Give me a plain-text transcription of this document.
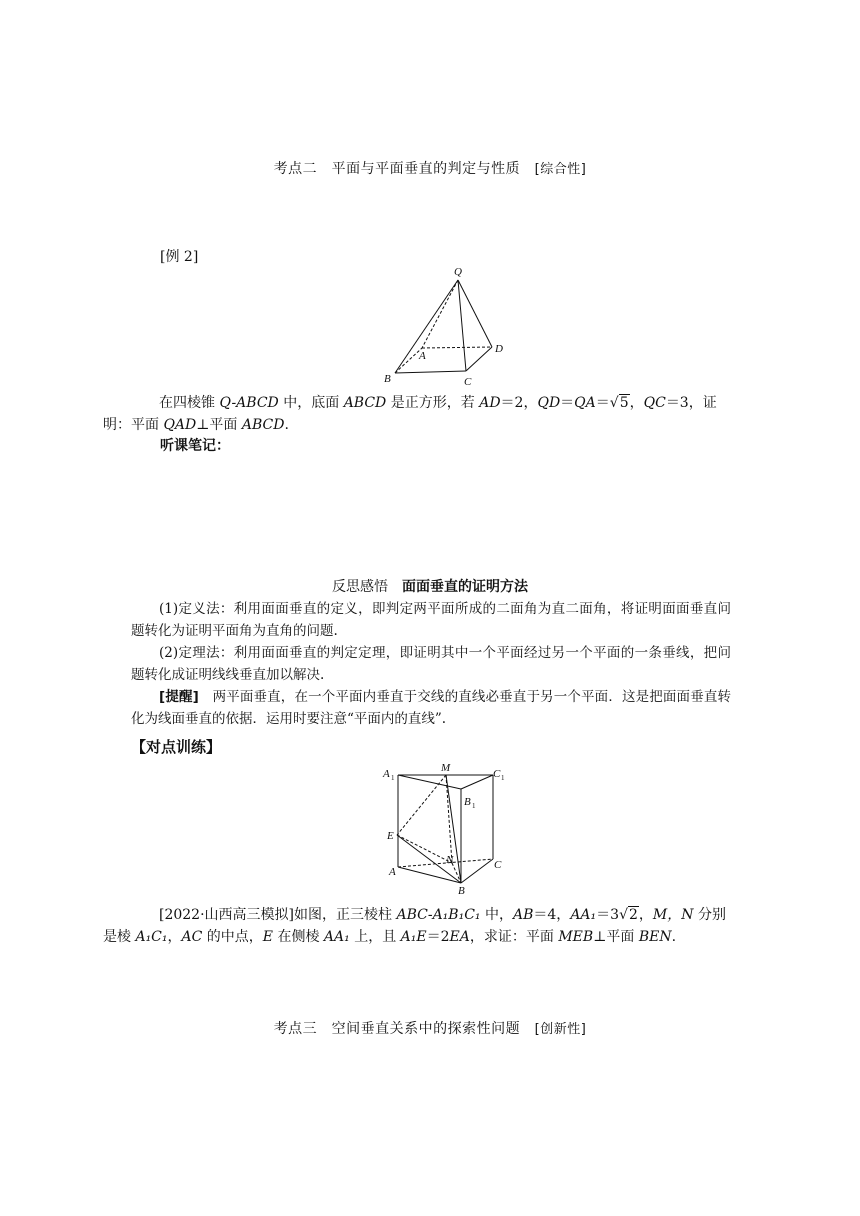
考点二　平面与平面垂直的判定与性质　[综合性]
[例 2]
Q
A
B	C
D
在四棱锥 Q-ABCD 中，底面 ABCD 是正方形，若 AD＝2，QD＝QA＝√5，QC＝3，证
明：平面 QAD⊥平面 ABCD.
听课笔记：
反思感悟　面面垂直的证明方法
(1)定义法：利用面面垂直的定义，即判定两平面所成的二面角为直二面角，将证明面面垂直问题转化为证明平面角为直角的问题.
(2)定理法：利用面面垂直的判定定理，即证明其中一个平面经过另一个平面的一条垂线，把问题转化成证明线线垂直加以解决.
[提醒]　两平面垂直，在一个平面内垂直于交线的直线必垂直于另一个平面．这是把面面垂直转化为线面垂直的依据．运用时要注意“平面内的直线”.
【对点训练】
A 1
M	C 1
B 1
E
N	C
A
B
[2022·山西高三模拟]如图，正三棱柱 ABC-A₁B₁C₁ 中，AB＝4，AA₁＝3√2，M，N 分别
是棱 A₁C₁，AC 的中点，E 在侧棱 AA₁ 上，且 A₁E＝2EA，求证：平面 MEB⊥平面 BEN.
考点三　空间垂直关系中的探索性问题　[创新性]
